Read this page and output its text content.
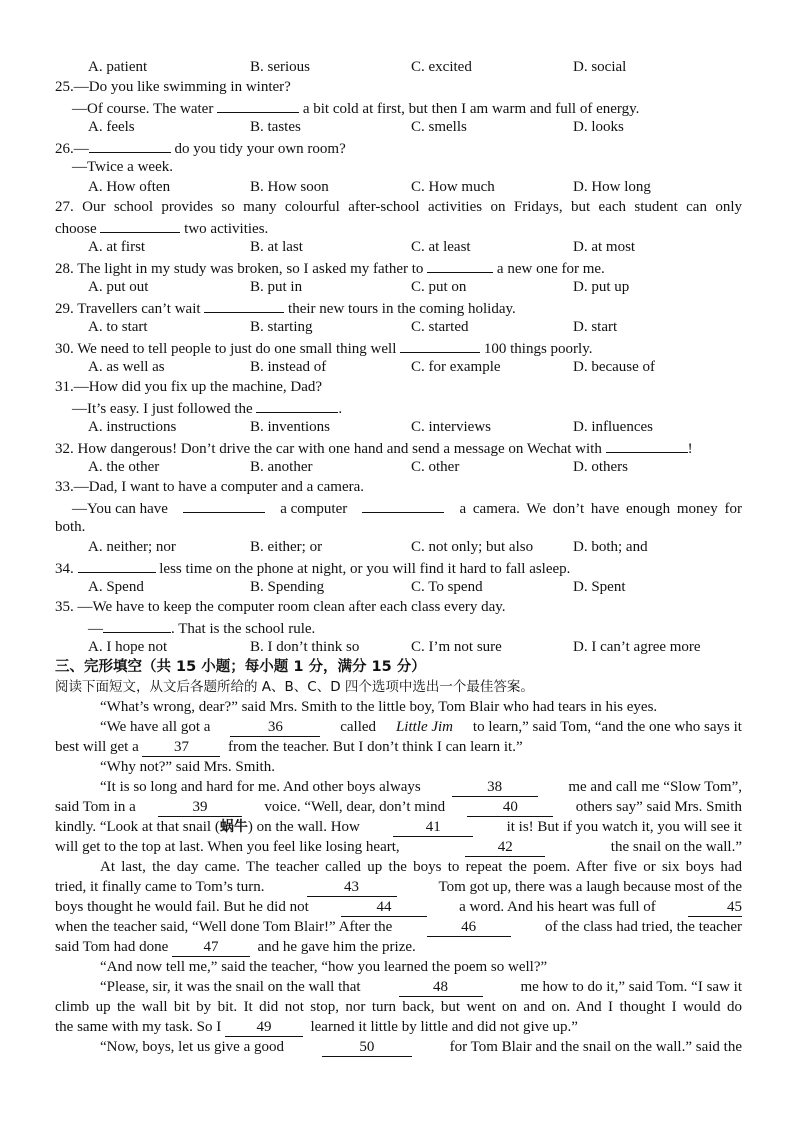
A. patient	B. serious	C. excited	D. social
25.—Do you like swimming in winter?
—Of course. The water	a bit cold at first, but then I am warm and full of energy.
A. feels	B. tastes	C. smells	D. looks
26.—	do you tidy your own room?
—Twice a week.
A. How often	B. How soon	C. How much	D. How long
27. Our school provides so many colourful after-school activities on Fridays, but each student can only
choose	two activities.
A. at first	B. at last	C. at least	D. at most
28. The light in my study was broken, so I asked my father to	a new one for me.
A. put out	B. put in	C. put on	D. put up
29. Travellers can’t wait	their new tours in the coming holiday.
A. to start	B. starting	C. started	D. start
30. We need to tell people to just do one small thing well	100 things poorly.
A. as well as	B. instead of	C. for example	D. because of
31.—How did you fix up the machine, Dad?
—It’s easy. I just followed the	.
A. instructions	B. inventions	C. interviews	D. influences
32. How dangerous! Don’t drive the car with one hand and send a message on Wechat with	!
A. the other	B. another	C. other	D. others
33.—Dad, I want to have a computer and a camera.
—You can have	a computer	a camera. We don’t have enough money for
both.
A. neither; nor	B. either; or	C. not only; but also	D. both; and
34.	less time on the phone at night, or you will find it hard to fall asleep.
A. Spend	B. Spending	C. To spend	D. Spent
35. —We have to keep the computer room clean after each class every day.
—	. That is the school rule.
A. I hope not	B. I don’t think so	C. I’m not sure	D. I can’t agree more
三、完形填空（共 15 小题；每小题 1 分，满分 15 分）
阅读下面短文，从文后各题所给的 A、B、C、D 四个选项中选出一个最佳答案。
“What’s wrong, dear?” said Mrs. Smith to the little boy, Tom Blair who had tears in his eyes.
“We have all got a	36	called Little Jim to learn,” said Tom, “and the one who says it
best will get a 37	from the teacher. But I don’t think I can learn it.”
“Why not?” said Mrs. Smith.
“It is so long and hard for me. And other boys always	38	me and call me “Slow Tom”,
said Tom in a	39	voice. “Well, dear, don’t mind	40	others say” said Mrs. Smith
kindly. “Look at that snail (蜗牛) on the wall. How	41	it is! But if you watch it, you will see it
will get to the top at last. When you feel like losing heart,	42	the snail on the wall.”
At last, the day came. The teacher called up the boys to repeat the poem. After five or six boys had
tried, it finally came to Tom’s turn.	43	Tom got up, there was a laugh because most of the
boys thought he would fail. But he did not	44	a word. And his heart was full of	45
when the teacher said, “Well done Tom Blair!” After the	46	of the class had tried, the teacher
said Tom had done 47	and he gave him the prize.
“And now tell me,” said the teacher, “how you learned the poem so well?”
“Please, sir, it was the snail on the wall that	48	me how to do it,” said Tom. “I saw it
climb up the wall bit by bit. It did not stop, nor turn back, but went on and on. And I thought I would do
the same with my task. So I 49	learned it little by little and did not give up.”
“Now, boys, let us give a good	50	for Tom Blair and the snail on the wall.” said the
